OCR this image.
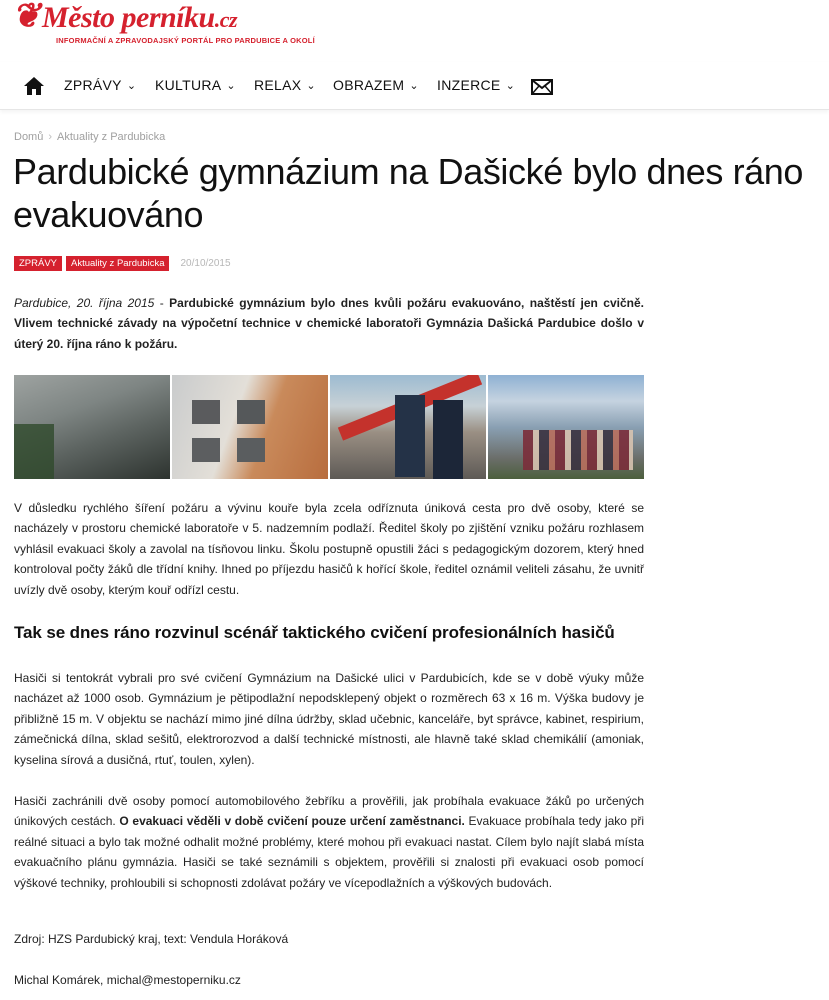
❦Město perníku.cz
INFORMAČNÍ A ZPRAVODAJSKÝ PORTÁL PRO PARDUBICE A OKOLÍ
ZPRÁVY ⌄ KULTURA ⌄ RELAX ⌄ OBRAZEM ⌄ INZERCE ⌄
Domů › Aktuality z Pardubicka
Pardubické gymnázium na Dašické bylo dnes ráno evakuováno
ZPRÁVY	Aktuality z Pardubicka	20/10/2015

Pardubice, 20. října 2015 - Pardubické gymnázium bylo dnes kvůli požáru evakuováno, naštěstí jen cvičně. Vlivem technické závady na výpočetní technice v chemické laboratoři Gymnázia Dašická Pardubice došlo v úterý 20. října ráno k požáru.

V důsledku rychlého šíření požáru a vývinu kouře byla zcela odříznuta úniková cesta pro dvě osoby, které se nacházely v prostoru chemické laboratoře v 5. nadzemním podlaží. Ředitel školy po zjištění vzniku požáru rozhlasem vyhlásil evakuaci školy a zavolal na tísňovou linku. Školu postupně opustili žáci s pedagogickým dozorem, který hned kontroloval počty žáků dle třídní knihy. Ihned po příjezdu hasičů k hořící škole, ředitel oznámil veliteli zásahu, že uvnitř uvízly dvě osoby, kterým kouř odřízl cestu.

Tak se dnes ráno rozvinul scénář taktického cvičení profesionálních hasičů

Hasiči si tentokrát vybrali pro své cvičení Gymnázium na Dašické ulici v Pardubicích, kde se v době výuky může nacházet až 1000 osob. Gymnázium je pětipodlažní nepodsklepený objekt o rozměrech 63 x 16 m. Výška budovy je přibližně 15 m. V objektu se nachází mimo jiné dílna údržby, sklad učebnic, kanceláře, byt správce, kabinet, respirium, zámečnická dílna, sklad sešitů, elektrorozvod a další technické místnosti, ale hlavně také sklad chemikálií (amoniak, kyselina sírová a dusičná, rtuť, toulen, xylen).

Hasiči zachránili dvě osoby pomocí automobilového žebříku a prověřili, jak probíhala evakuace žáků po určených únikových cestách. O evakuaci věděli v době cvičení pouze určení zaměstnanci. Evakuace probíhala tedy jako při reálné situaci a bylo tak možné odhalit možné problémy, které mohou při evakuaci nastat. Cílem bylo najít slabá místa evakuačního plánu gymnázia. Hasiči se také seznámili s objektem, prověřili si znalosti při evakuaci osob pomocí výškové techniky, prohloubili si schopnosti zdolávat požáry ve vícepodlažních a výškových budovách.

Zdroj: HZS Pardubický kraj, text: Vendula Horáková

Michal Komárek, michal@mestoperniku.cz
